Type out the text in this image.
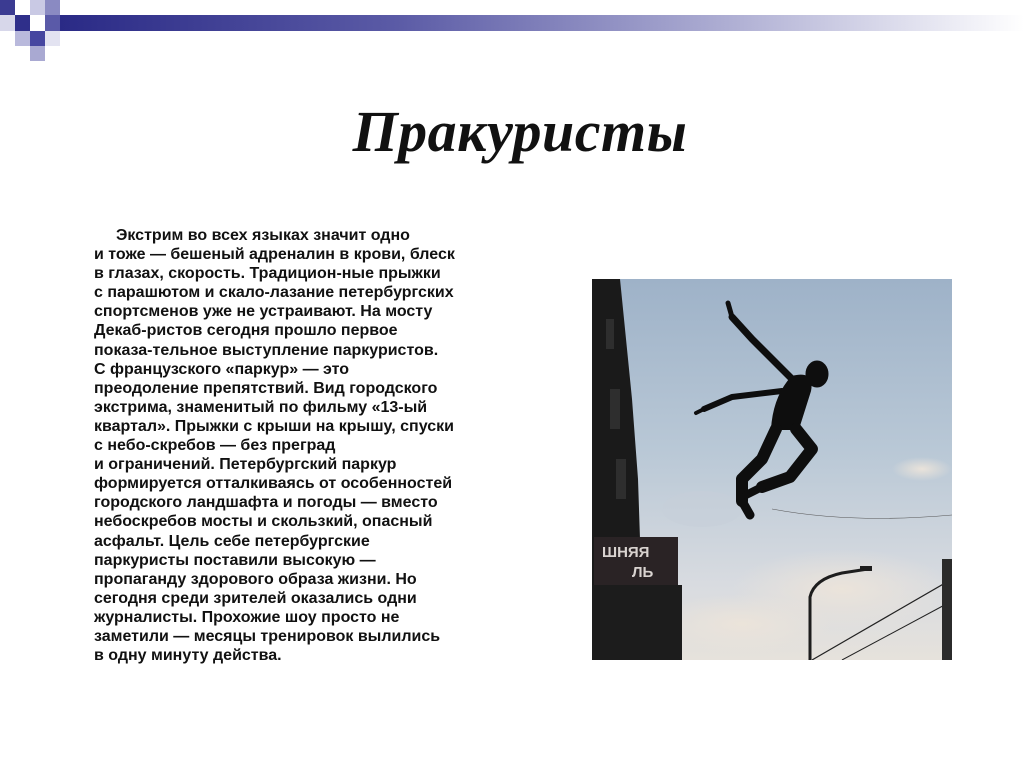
Пракуристы
Экстрим во всех языках значит одно
и тоже — бешеный адреналин в крови, блеск
в глазах, скорость. Традицион-ные прыжки
с парашютом и скало-лазание петербургских
спортсменов уже не устраивают. На мосту
Декаб-ристов сегодня прошло первое
показа-тельное выступление паркуристов.
С французского «паркур» — это
преодоление препятствий. Вид городского
экстрима, знаменитый по фильму «13-ый
квартал». Прыжки с крыши на крышу, спуски
с небо-скребов — без преград
и ограничений. Петербургский паркур
формируется отталкиваясь от особенностей
городского ландшафта и погоды — вместо
небоскребов мосты и скользкий, опасный
асфальт. Цель себе петербургские
паркуристы поставили высокую —
пропаганду здорового образа жизни. Но
сегодня среди зрителей оказались одни
журналисты. Прохожие шоу просто не
заметили — месяцы тренировок вылились
в одну минуту действа.
ШНЯЯ
ЛЬ
